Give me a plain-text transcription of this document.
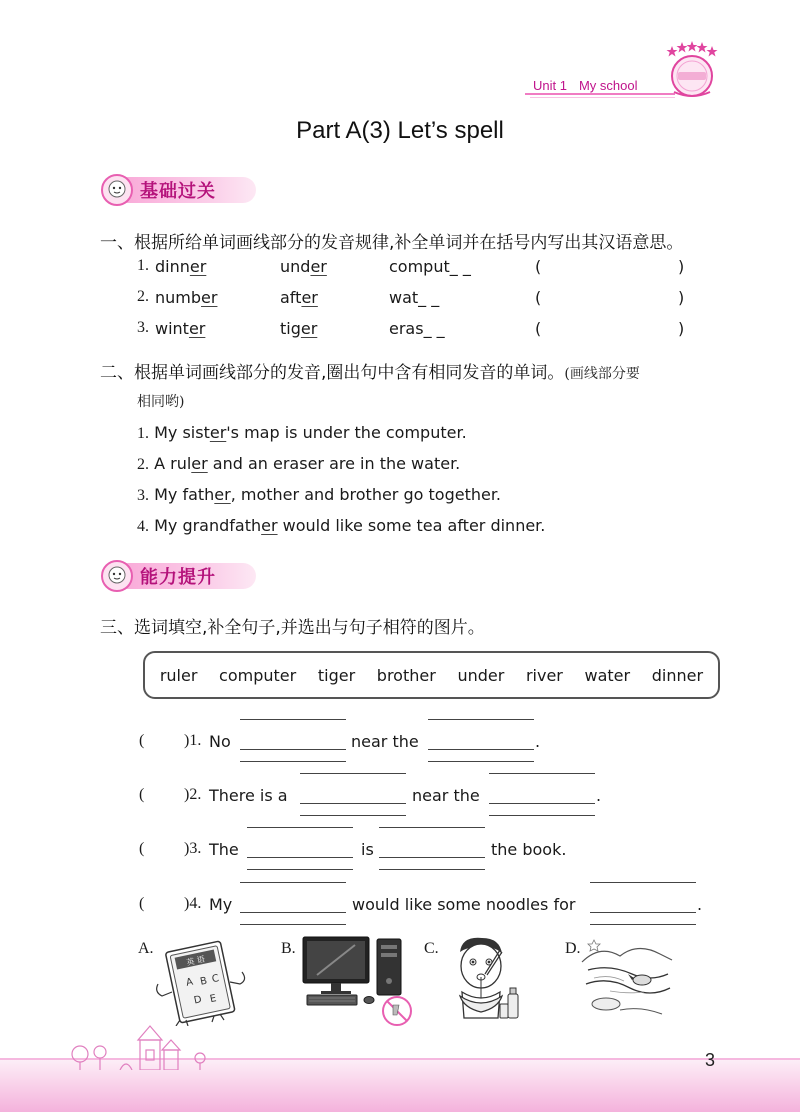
Unit 1 My school
Part A(3) Let’s spell
基础过关
一、根据所给单词画线部分的发音规律,补全单词并在括号内写出其汉语意思。
1. dinner	under	comput_ _	(	)
2. number	after	wat_ _	(	)
3. winter	tiger	eras_ _	(	)
二、根据单词画线部分的发音,圈出句中含有相同发音的单词。(画线部分要
相同哟)
1. My sister's map is under the computer.
2. A ruler and an eraser are in the water.
3. My father, mother and brother go together.
4. My grandfather would like some tea after dinner.
能力提升
三、选词填空,补全句子,并选出与句子相符的图片。
ruler computer tiger brother under river water dinner
( )1. No	near the	.
( )2. There is a	near the	.
( )3. The	is	the book.
( )4. My	would like some noodles for	.
A.
英 语
A B C
D E
B.	C.	D.
3
